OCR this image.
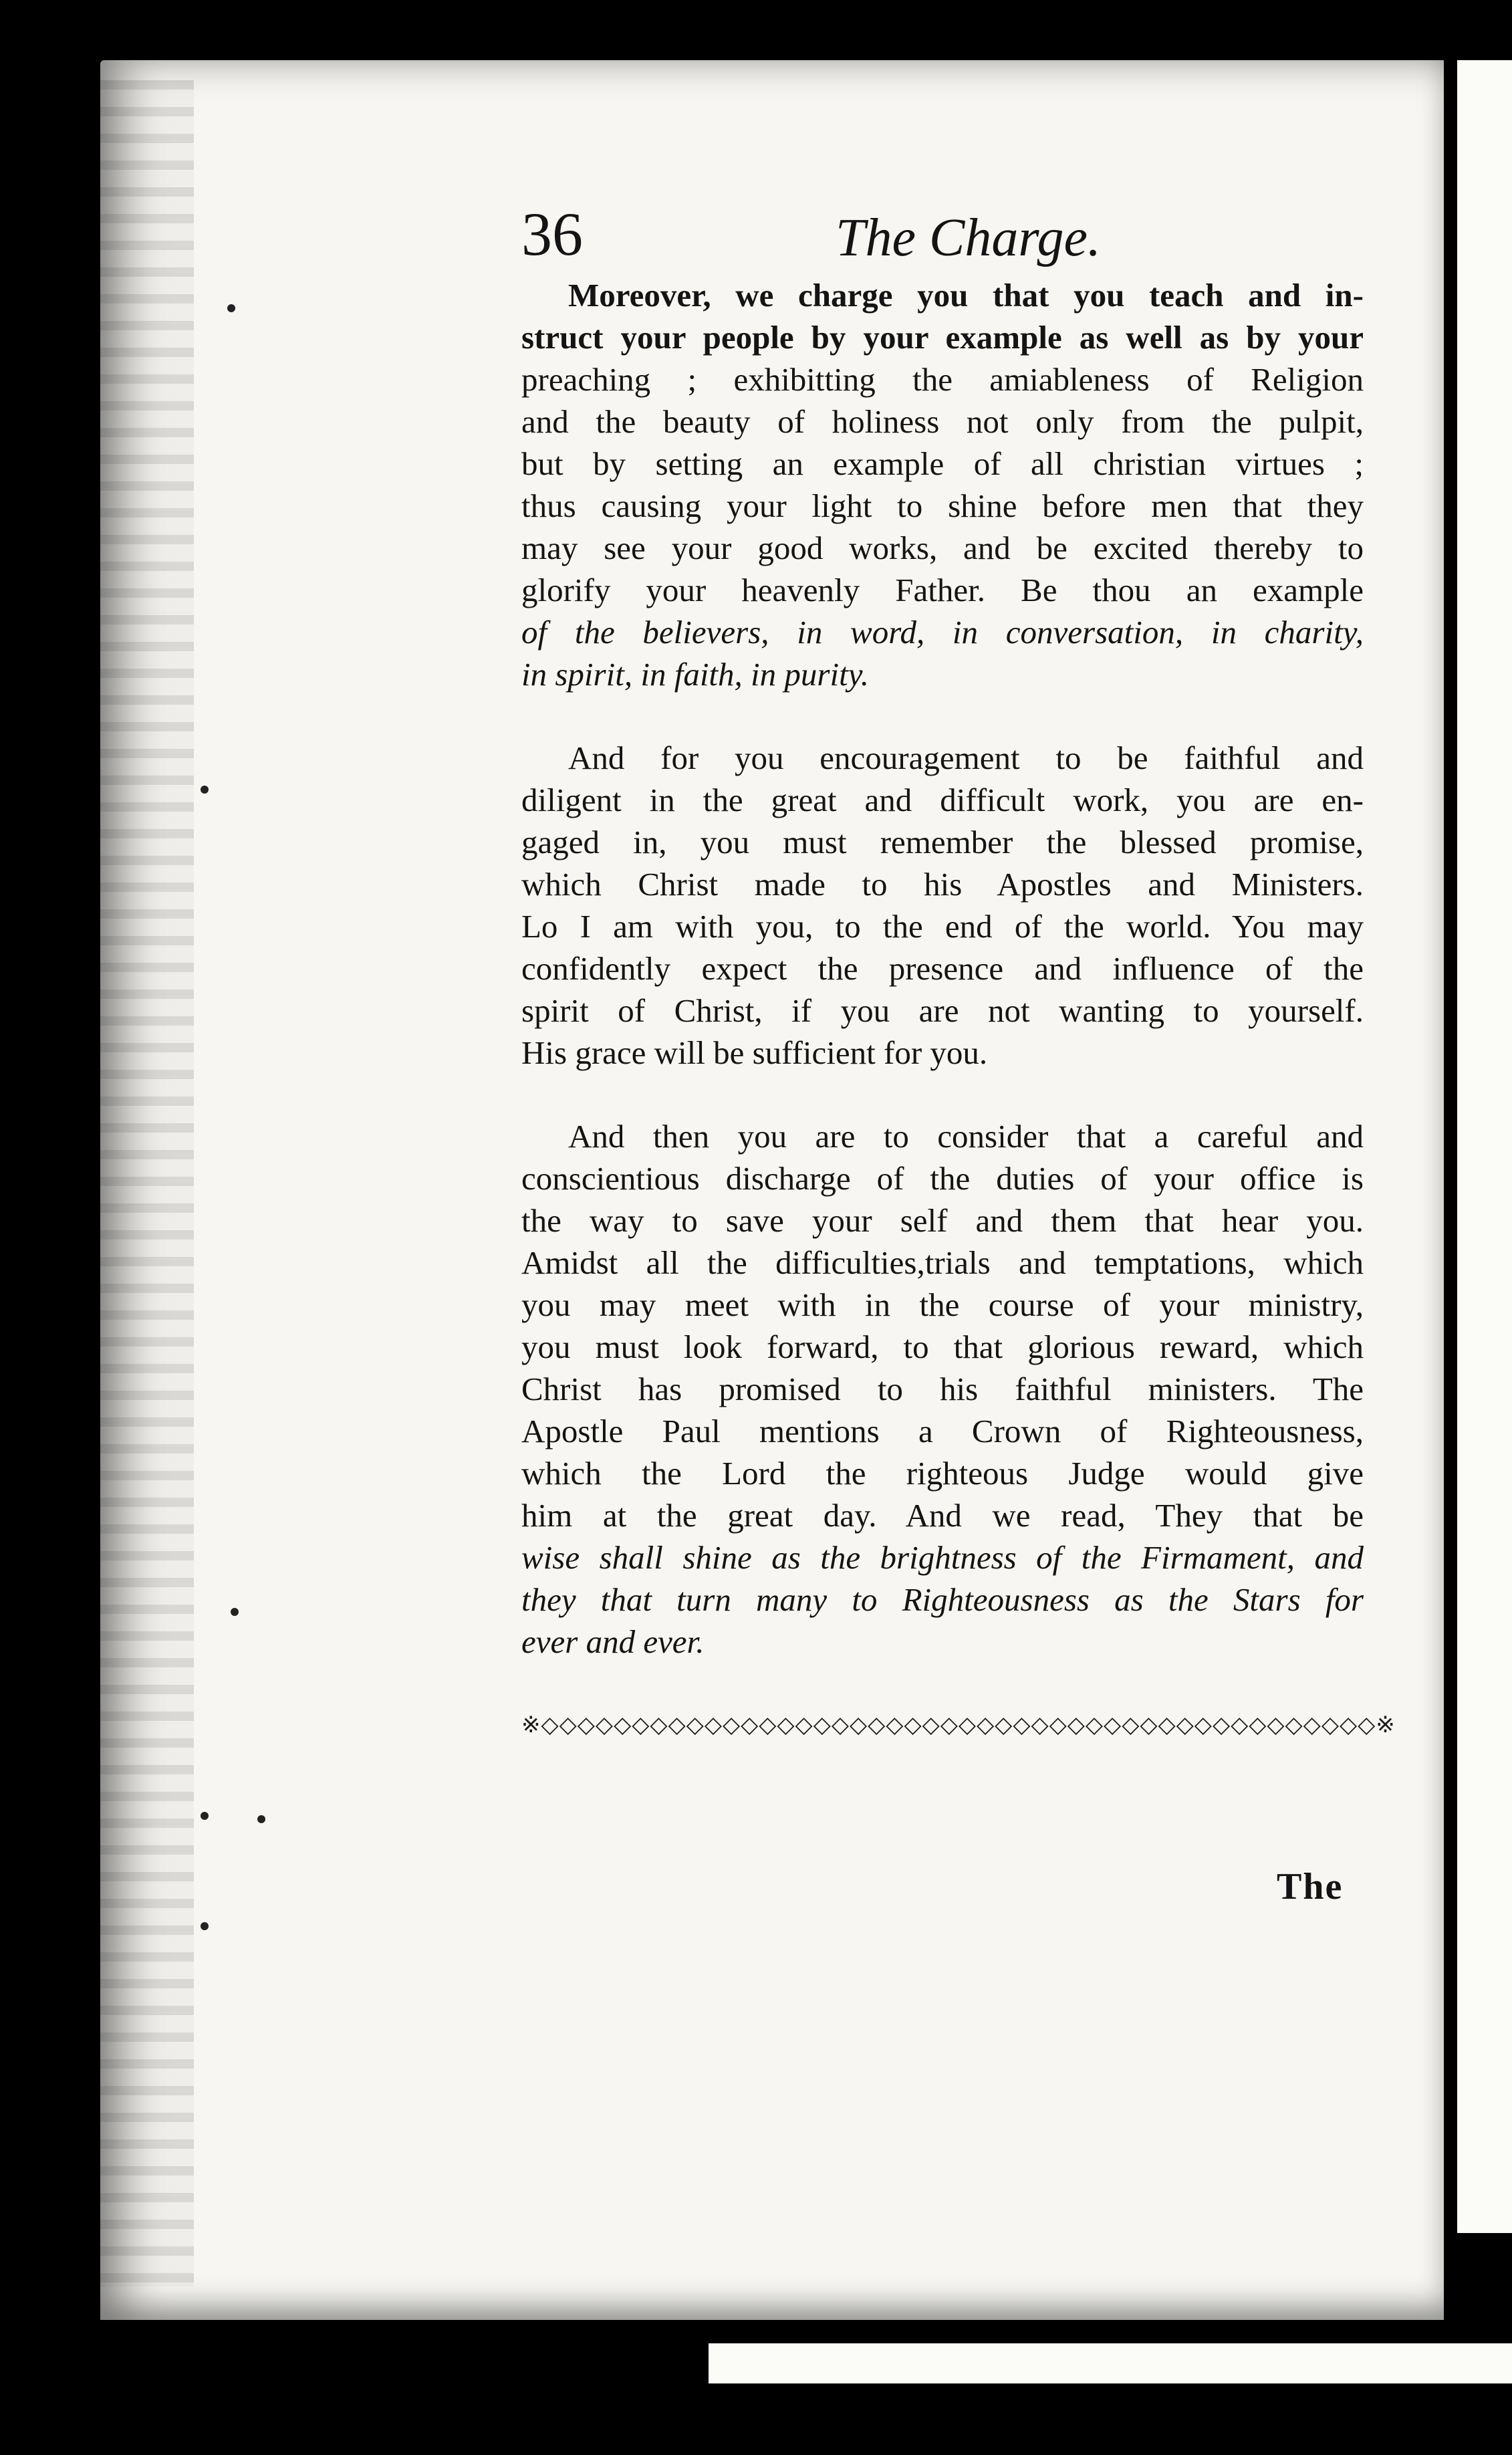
36	The Charge.
Moreover, we charge you that you teach and in-
struct your people by your example as well as by your
preaching ; exhibitting the amiableness of Religion
and the beauty of holiness not only from the pulpit,
but by setting an example of all christian virtues ;
thus causing your light to shine before men that they
may see your good works, and be excited thereby to
glorify your heavenly Father. Be thou an example
of the believers, in word, in conversation, in charity,
in spirit, in faith, in purity.
And for you encouragement to be faithful and
diligent in the great and difficult work, you are en-
gaged in, you must remember the blessed promise,
which Christ made to his Apostles and Ministers.
Lo I am with you, to the end of the world. You may
confidently expect the presence and influence of the
spirit of Christ, if you are not wanting to yourself.
His grace will be sufficient for you.
And then you are to consider that a careful and
conscientious discharge of the duties of your office is
the way to save your self and them that hear you.
Amidst all the difficulties,trials and temptations, which
you may meet with in the course of your ministry,
you must look forward, to that glorious reward, which
Christ has promised to his faithful ministers. The
Apostle Paul mentions a Crown of Righteousness,
which the Lord the righteous Judge would give
him at the great day. And we read, They that be
wise shall shine as the brightness of the Firmament, and
they that turn many to Righteousness as the Stars for
ever and ever.
※◇◇◇◇◇◇◇◇◇◇◇◇◇◇◇◇◇◇◇◇◇◇◇◇◇◇◇◇◇◇◇◇◇◇◇◇◇◇◇◇◇◇◇◇◇◇※
The
